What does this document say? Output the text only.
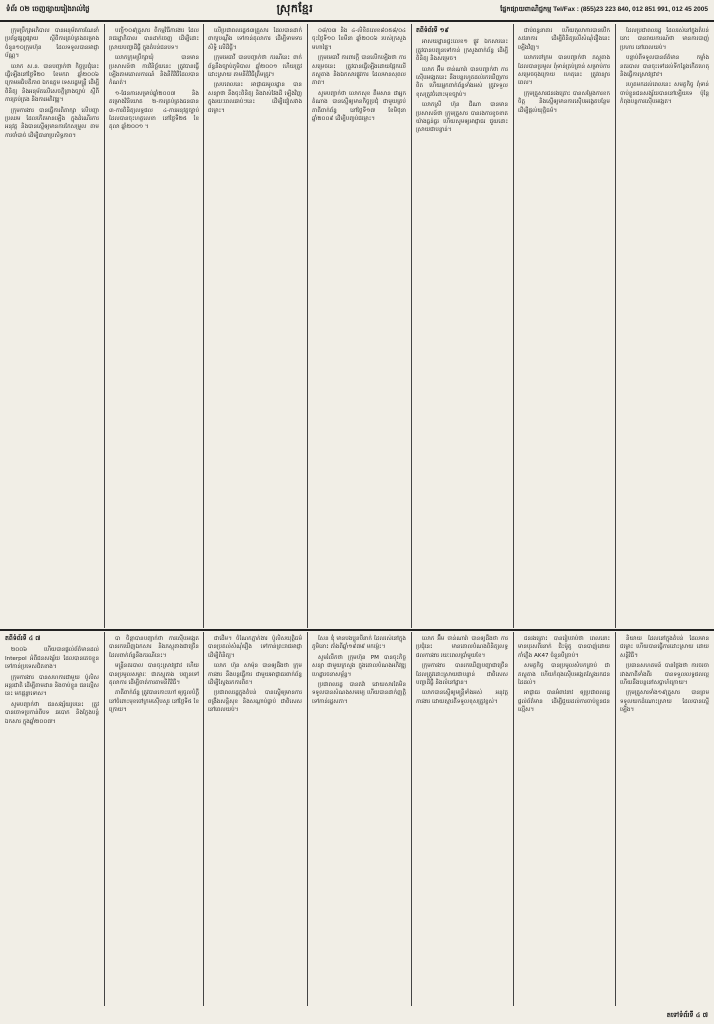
ទំព័រ ០២ ចេញផ្សាយរៀងរាល់ថ្ងៃ	ស្រុកខ្មែរ	ផ្នែកផ្សាយពាណិជ្ជកម្ម Tel/Fax : (855)23 223 840, 012 851 991, 012 45 2005

ក្រុមប្រឹក្សាអភិបាល បានអនុម័តការណែនាំ ប្រព័ន្ធផ្សព្វផ្សាយ ស្តីពីការគ្រប់គ្រងគម្រោងចំនួន១០ក្រុមហ៊ុន ដែលទទួលបានអាជ្ញាប័ណ្ណ។

លោក ស.ន. បានបញ្ជាក់ថា កិច្ចប្រជុំនេះ ធ្វើឡើងនៅថ្ងៃទី២០ ខែមករា ឆ្នាំ២០០៦ ក្រោមអធិបតីភាព ឯកឧត្តម ទេសរដ្ឋមន្ត្រី ដើម្បីពិនិត្យ និងអនុម័តលើសេចក្តីព្រាងច្បាប់ ស្តីពីការគ្រប់គ្រង និងការអភិវឌ្ឍ។

ក្រុមការងារ បានធ្វើការពិភាក្សា លើបញ្ហាប្រឈម ដែលកើតមានឡើង ក្នុងដំណើរការអនុវត្ត និងបានស្នើឲ្យមានការកែសម្រួល តាមការចាំបាច់ ដើម្បីធានាប្រសិទ្ធភាព។

បញ្ជី១០៩គ្រួសារ ពីកម្មវិធីការងារ ដែលរាជរដ្ឋាភិបាល បានដាក់ចេញ ដើម្បីដោះស្រាយបញ្ហាដីធ្លី ក្នុងតំបន់ជនបទ។

លោកក្រុមប្រឹក្សាឃុំ បានមានប្រសាសន៍ថា ការវិនិច្ឆ័យនេះ ត្រូវបានធ្វើឡើងតាមគោលការណ៍ និងនីតិវិធីដែលបានកំណត់។

១-ផែនការសម្រាប់ឆ្នាំ២០០៧ និងគម្រោងវិនិយោគ ២-ការគ្រប់គ្រងធនធាន ៣-ការពិនិត្យលទ្ធផល ៤-ការអនុវត្តច្បាប់ ដែលបានចុះហត្ថលេខា នៅថ្ងៃទី២៥ ខែតុលា ឆ្នាំ២០០១ ។

លើប្រជាពលរដ្ឋ៥៣គ្រួសារ ដែលបានដាក់ពាក្យបណ្តឹង ទៅកាន់តុលាការ ដើម្បីទាមទារសិទ្ធិ លើដីធ្លី។

ក្រុមមេធាវី បានបញ្ជាក់ថា ករណីនេះ ពាក់ព័ន្ធនឹងច្បាប់ភូមិបាល ឆ្នាំ២០០១ ហើយត្រូវដោះស្រាយ តាមនីតិវិធីត្រឹមត្រូវ។

ស្របពេលនេះ អាជ្ញាធរមូលដ្ឋាន បានសន្យាថា នឹងចុះពិនិត្យ និងវាស់វែងដី ឡើងវិញ ក្នុងរយៈពេលឆាប់ៗនេះ ដើម្បីជៀសវាងជម្លោះ។

០៨/០៣ និង ៤-លិខិតលេខ៨០៥៨/០៤ ចុះថ្ងៃទី១០ ខែមីនា ឆ្នាំ២០០៦ របស់ក្រសួងមហាផ្ទៃ។

ក្រុមមេធាវី ការពារក្តី បានលើកឡើងថា ការសម្រេចនេះ ត្រូវបានធ្វើឡើងដោយផ្អែកលើភស្តុតាង និងឯកសារផ្លូវការ ដែលមានសុពលភាព។

សូមបញ្ជាក់ថា លោកសុខ គឹមសាន ជាអ្នកតំណាង បានស្នើឲ្យមានកិច្ចប្រជុំ ជាមួយគ្រប់ភាគីពាក់ព័ន្ធ នៅថ្ងៃទី១៧ ខែមិថុនា ឆ្នាំ២០០៩ ដើម្បីបញ្ចប់ជម្លោះ។

តពីទំព័រទី ១៩

អាសយដ្ឋានផ្ទះលេខ១ ផ្លូវ ឯកសារនេះ ត្រូវបានបញ្ជូនទៅកាន់ ក្រសួងពាក់ព័ន្ធ ដើម្បីពិនិត្យ និងសម្រេច។

លោក អ៊ឹម ចាន់ណារ៉ា បានបញ្ជាក់ថា ការស៊ើបអង្កេតនេះ នឹងបន្តរហូតដល់រកឃើញការពិត ហើយអ្នកពាក់ព័ន្ធទាំងអស់ ត្រូវទទួលខុសត្រូវចំពោះមុខច្បាប់។

លោកស្រី ហ៊ុន ជីណា បានមានប្រសាសន៍ថា ក្រុមគ្រួសារ បានរងការខូចខាតយ៉ាងធ្ងន់ធ្ងរ ហើយសូមឲ្យអាជ្ញាធរ ជួយដោះស្រាយជាបន្ទាន់។

ជាប់ពន្ធនាគារ ហើយតុលាការបានបើកសវនាការ ដើម្បីពិនិត្យលើសំណុំរឿងនេះ ឡើងវិញ។

លោកចៅក្រម បានបញ្ជាក់ថា ភស្តុតាងដែលបានប្រមូល ពុំទាន់គ្រប់គ្រាន់ សម្រាប់ការសម្រេចចុងក្រោយ ហេតុនេះ ត្រូវពន្យារពេល។

ក្រុមគ្រួសារជនរងគ្រោះ បានសម្តែងការខកចិត្ត និងស្នើឲ្យមានការស៊ើបអង្កេតបន្ថែម ដើម្បីផ្តល់យុត្តិធម៌។

ដែលប្រជាពលរដ្ឋ ដែលរស់នៅក្នុងតំបន់នោះ បានរាយការណ៍ថា មានការបាញ់ប្រហារ នៅពេលយប់។

បន្ទាប់ពីទទួលបានព័ត៌មាន កម្លាំងនគរបាល បានចុះទៅដល់ទីកន្លែងកើតហេតុ និងធ្វើការស្រាវជ្រាវ។

រហូតមកដល់ពេលនេះ សមត្ថកិច្ច ពុំទាន់ចាប់ខ្លួនជនសង្ស័យបាននៅឡើយទេ ប៉ុន្តែកំពុងបន្តការស៊ើបអង្កេត។

តពីទំព័រទី ៤ ៧

២០០៦ ហើយបានផ្តល់ព័ត៌មានដល់ Interpol អំពីជនសង្ស័យ ដែលបានគេចខ្លួនទៅកាន់ប្រទេសជិតខាង។

ក្រុមការងារ បានសហការជាមួយ ប៉ូលិសអន្តរជាតិ ដើម្បីតាមដាន និងចាប់ខ្លួន ជនល្មើសនេះ មកផ្តន្ទាទោស។

សូមបញ្ជាក់ថា ជនសង្ស័យរូបនេះ ត្រូវបានចោទប្រកាន់ពីបទ ឆបោក និងក្លែងបន្លំឯកសារ ក្នុងឆ្នាំ២០០៧។

បា ចិន្តាបានបញ្ជាក់ថា ការស៊ើបអង្កេត បានរកឃើញឯកសារ និងភស្តុតាងជាច្រើន ដែលពាក់ព័ន្ធនឹងករណីនេះ។

មន្ត្រីនគរបាល បានចុះស្រាវជ្រាវ ហើយបានប្រមូលសម្ភារៈ ជាភស្តុតាង បញ្ជូនទៅតុលាការ ដើម្បីចាត់ការតាមនីតិវិធី។

ភាគីពាក់ព័ន្ធ ត្រូវបានកោះហៅ ឲ្យចូលបំភ្លឺ នៅចំពោះមុខចៅក្រមស៊ើបសួរ នៅថ្ងៃទី៥ ខែក្រោយ។

ជាដើម។ ចំណែកភ្នាក់ងារ ប៉ូលិសយុត្តិធម៌ បានប្រគល់សំណុំរឿង ទៅកាន់ព្រះរាជអាជ្ញា ដើម្បីពិនិត្យ។

លោក ហ៊ុន សាម៉ុន បានឲ្យដឹងថា ក្រុមការងារ នឹងបន្តធ្វើការ ជាមួយអាជ្ញាធរពាក់ព័ន្ធ ដើម្បីស្វែងរកការពិត។

ប្រជាពលរដ្ឋក្នុងតំបន់ បានស្នើឲ្យមានការពង្រឹងសន្តិសុខ និងសណ្តាប់ធ្នាប់ ជាពិសេសនៅពេលយប់។

សែន ឌុំ មានបងប្អូនបីនាក់ ដែលរស់នៅក្នុងភូមិនោះ តាំងពីឆ្នាំ១៩៧៩ មកម្ល៉េះ។

សូមរំលឹកថា ក្រុមហ៊ុន PM បានចុះកិច្ចសន្យា ជាមួយក្រសួង ក្នុងគោលបំណងអភិវឌ្ឍហេដ្ឋារចនាសម្ព័ន្ធ។

ប្រជាពលរដ្ឋ បានតវ៉ា ដោយសារតែមិនទទួលបានសំណងសមរម្យ ហើយបានដាក់ញត្តិ ទៅកាន់រដ្ឋសភា។

លោក អ៊ឹម ចាន់ណារ៉ា បានឲ្យដឹងថា ការប្រជុំនេះ មានគោលបំណងពិនិត្យលទ្ធផលការងារ រយៈពេលប្រាំមួយខែ។

ក្រុមការងារ បានរកឃើញបញ្ហាជាច្រើន ដែលត្រូវដោះស្រាយជាបន្ទាន់ ជាពិសេសបញ្ហាដីធ្លី និងលំនៅដ្ឋាន។

លោកបានស្នើឲ្យមន្ត្រីទាំងអស់ អនុវត្តការងារ ដោយស្មារតីទទួលខុសត្រូវខ្ពស់។

ជនរងគ្រោះ បានរៀបរាប់ថា ពេលនោះ មានបុរសពីរនាក់ ជិះម៉ូតូ បានបាញ់ដោយកាំភ្លើង AK47 ចំនួនបីគ្រាប់។

សមត្ថកិច្ច បានប្រមូលសំបកគ្រាប់ ជាភស្តុតាង ហើយកំពុងស៊ើបអង្កេតស្វែងរកជនដៃដល់។

អាជ្ញាធរ បានអំពាវនាវ ឲ្យប្រជាពលរដ្ឋ ផ្តល់ព័ត៌មាន ដើម្បីជួយដល់ការចាប់ខ្លួនជនល្មើស។

និយាយ ដែលនៅក្នុងតំបន់ ដែលមានជម្លោះ ហើយបានធ្វើការដោះស្រាយ ដោយសន្តិវិធី។

ប្រធានសហគមន៍ បានថ្លែងថា ការចរចា រវាងភាគីទាំងពីរ បានទទួលលទ្ធផលល្អ ហើយនឹងបន្តនៅសប្តាហ៍ក្រោយ។

ក្រុមគ្រួសារទាំង១៩គ្រួសារ បានព្រមទទួលយកដំណោះស្រាយ ដែលបានស្នើឡើង។

តទៅទំព័រទី ៤ ៧
